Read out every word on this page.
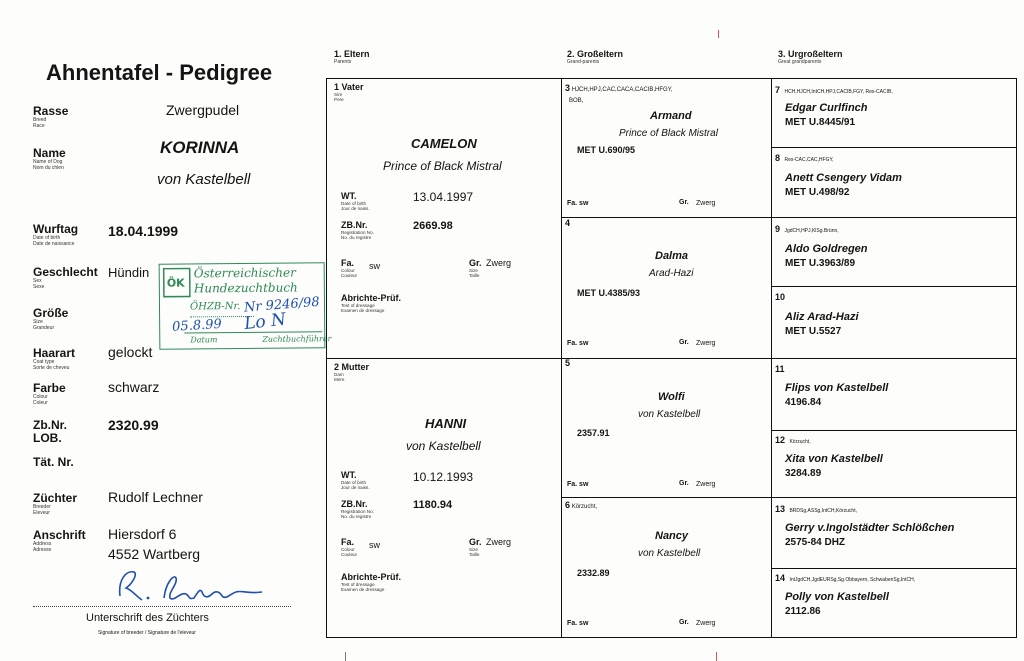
Ahnentafel - Pedigree
Rasse
Breed
Race
Zwergpudel
Name
Name of Dog
Nom du chien
KORINNA
von Kastelbell
Wurftag
Date of birth
Date de naissance
18.04.1999
Geschlecht
Sex
Sexe
Hündin
Größe
Size
Grandeur
Haarart
Coat type
Sorte de cheveu
gelockt
Farbe
Colour
Coleur
schwarz
Zb.Nr.
LOB.
2320.99
Tät. Nr.
Züchter
Breeder
Eleveur
Rudolf Lechner
Anschrift
Address
Adresse
Hiersdorf 6
4552 Wartberg
Unterschrift des Züchters
Signature of breeder / Signature de l'eleveur
ÖK
Österreichischer
Hundezuchtbuch
ÖHZB-Nr.
Datum	Zuchtbuchführer
Nr 9246/98
05.8.99 Lo N
1. Eltern
Parents
2. Großeltern
Grand-parents
3. Urgroßeltern
Great grandparents
1 Vater
Sire
Pere
CAMELON
Prince of Black Mistral
WT.
Date of birth
Jour de naiss.
13.04.1997
ZB.Nr.
Registration No.
No. du registre
2669.98
Fa.
Colour
Couleur
sw	Gr.
Size
Taille
Zwerg
Abrichte-Prüf.
Test of dressage
Examen de dressage
2 Mutter
Dam
Mere
HANNI
von Kastelbell
WT.
Date of birth
Jour de naiss.
10.12.1993
ZB.Nr.
Registration No.
No. du registre
1180.94
Fa.
Colour
Couleur
sw	Gr.
Size
Taille
Zwerg
Abrichte-Prüf.
Test of dressage
Examen de dressage
3 HJCH,HPJ,CAC,CACA,CACIB,HFGY,
BOB,
Armand
Prince of Black Mistral
MET U.690/95
Fa. sw	Gr. Zwerg
4
Dalma
Arad-Hazi
MET U.4385/93
Fa. sw	Gr. Zwerg
5
Wolfi
von Kastelbell
2357.91
Fa. sw	Gr. Zwerg
6 Körzucht,
Nancy
von Kastelbell
2332.89
Fa. sw	Gr. Zwerg
7 HCH,HJCH,IntCH,HPJ,CACIB,FGY, Res-CACIB,
Edgar Curlfinch
MET U.8445/91
8 Res-CAC,CAC,HFGY,
Anett Csengery Vidam
MET U.498/92
9 JgdCH,HPJ,KlSg.Brünn,
Aldo Goldregen
MET U.3963/89
10
Aliz Arad-Hazi
MET U.5527
11
Flips von Kastelbell
4196.84
12 Körzucht,
Xita von Kastelbell
3284.89
13 BRDSg,ASSg,IntCH,Körzucht,
Gerry v.Ingolstädter Schlößchen
2575-84 DHZ
14 IntJgdCH,JgdEURSg,Sg.Obbayern, SchwabenSg,IntCH,
Polly von Kastelbell
2112.86
